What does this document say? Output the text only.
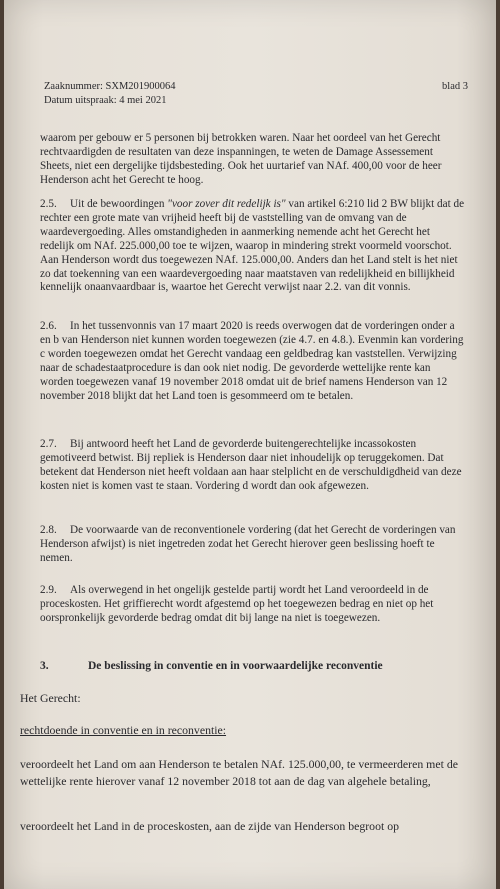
Zaaknummer: SXM201900064
Datum uitspraak: 4 mei 2021
blad 3

waarom per gebouw er 5 personen bij betrokken waren. Naar het oordeel van het Gerecht rechtvaardigden de resultaten van deze inspanningen, te weten de Damage Assessement Sheets, niet een dergelijke tijdsbesteding. Ook het uurtarief van NAf. 400,00 voor de heer Henderson acht het Gerecht te hoog.

2.5. Uit de bewoordingen "voor zover dit redelijk is" van artikel 6:210 lid 2 BW blijkt dat de rechter een grote mate van vrijheid heeft bij de vaststelling van de omvang van de waardevergoeding. Alles omstandigheden in aanmerking nemende acht het Gerecht het redelijk om NAf. 225.000,00 toe te wijzen, waarop in mindering strekt voormeld voorschot. Aan Henderson wordt dus toegewezen NAf. 125.000,00. Anders dan het Land stelt is het niet zo dat toekenning van een waardevergoeding naar maatstaven van redelijkheid en billijkheid kennelijk onaanvaardbaar is, waartoe het Gerecht verwijst naar 2.2. van dit vonnis.

2.6. In het tussenvonnis van 17 maart 2020 is reeds overwogen dat de vorderingen onder a en b van Henderson niet kunnen worden toegewezen (zie 4.7. en 4.8.). Evenmin kan vordering c worden toegewezen omdat het Gerecht vandaag een geldbedrag kan vaststellen. Verwijzing naar de schadestaatprocedure is dan ook niet nodig. De gevorderde wettelijke rente kan worden toegewezen vanaf 19 november 2018 omdat uit de brief namens Henderson van 12 november 2018 blijkt dat het Land toen is gesommeerd om te betalen.

2.7. Bij antwoord heeft het Land de gevorderde buitengerechtelijke incassokosten gemotiveerd betwist. Bij repliek is Henderson daar niet inhoudelijk op teruggekomen. Dat betekent dat Henderson niet heeft voldaan aan haar stelplicht en de verschuldigdheid van deze kosten niet is komen vast te staan. Vordering d wordt dan ook afgewezen.

2.8. De voorwaarde van de reconventionele vordering (dat het Gerecht de vorderingen van Henderson afwijst) is niet ingetreden zodat het Gerecht hierover geen beslissing hoeft te nemen.

2.9. Als overwegend in het ongelijk gestelde partij wordt het Land veroordeeld in de proceskosten. Het griffierecht wordt afgestemd op het toegewezen bedrag en niet op het oorspronkelijk gevorderde bedrag omdat dit bij lange na niet is toegewezen.

3.	De beslissing in conventie en in voorwaardelijke reconventie
Het Gerecht:
rechtdoende in conventie en in reconventie:
veroordeelt het Land om aan Henderson te betalen NAf. 125.000,00, te vermeerderen met de wettelijke rente hierover vanaf 12 november 2018 tot aan de dag van algehele betaling,
veroordeelt het Land in de proceskosten, aan de zijde van Henderson begroot op
